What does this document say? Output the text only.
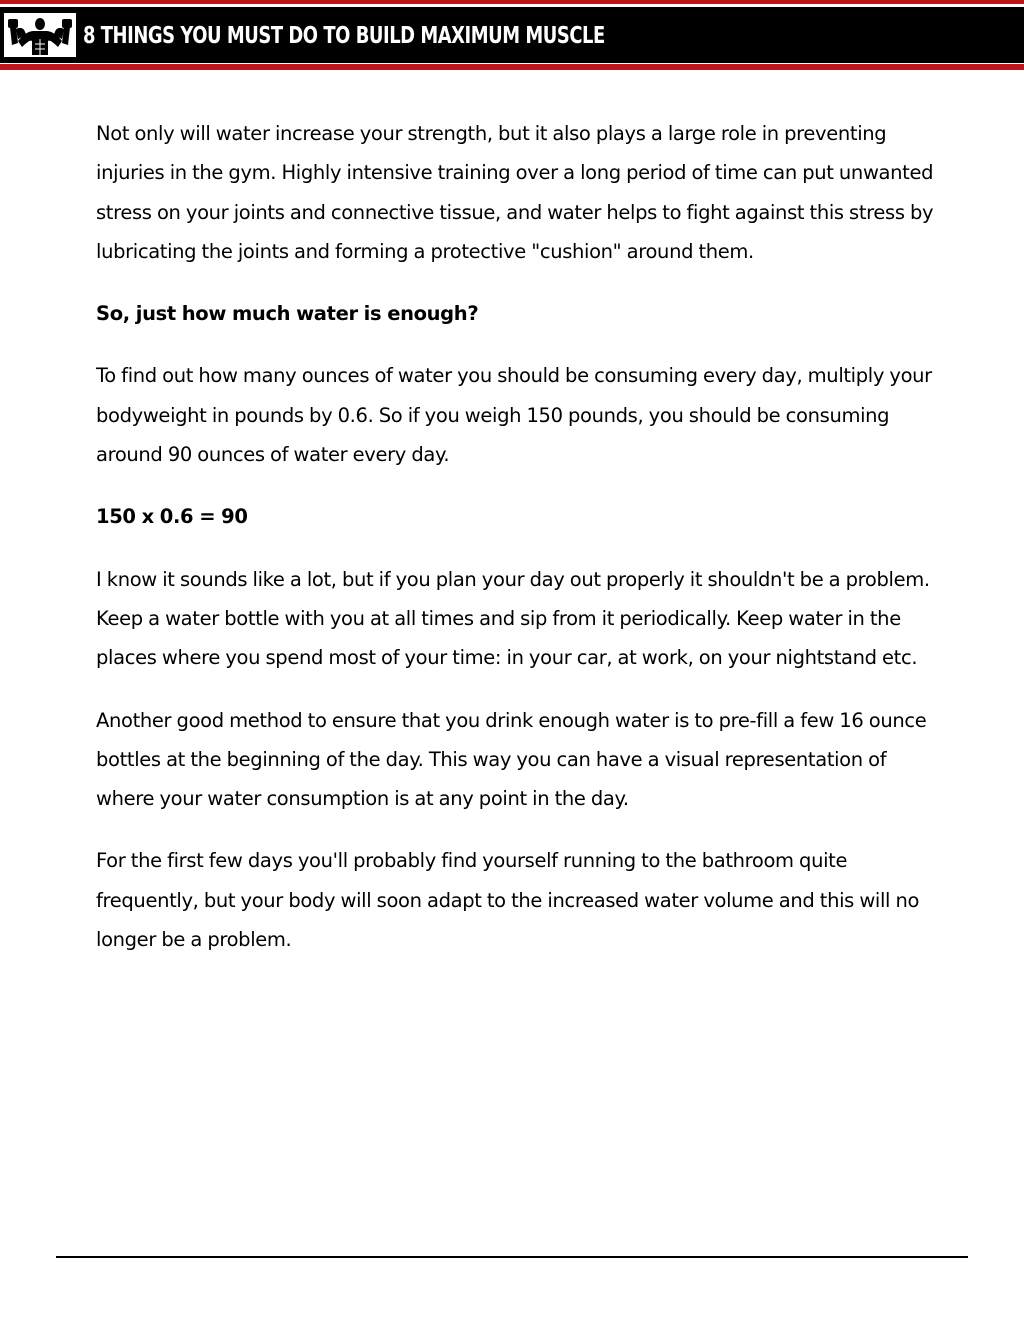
8 THINGS YOU MUST DO TO BUILD MAXIMUM MUSCLE

Not only will water increase your strength, but it also plays a large role in preventing injuries in the gym. Highly intensive training over a long period of time can put unwanted stress on your joints and connective tissue, and water helps to fight against this stress by lubricating the joints and forming a protective "cushion" around them.

So, just how much water is enough?

To find out how many ounces of water you should be consuming every day, multiply your bodyweight in pounds by 0.6. So if you weigh 150 pounds, you should be consuming around 90 ounces of water every day.

150 x 0.6 = 90

I know it sounds like a lot, but if you plan your day out properly it shouldn't be a problem. Keep a water bottle with you at all times and sip from it periodically. Keep water in the places where you spend most of your time: in your car, at work, on your nightstand etc.

Another good method to ensure that you drink enough water is to pre-fill a few 16 ounce bottles at the beginning of the day. This way you can have a visual representation of where your water consumption is at any point in the day.

For the first few days you'll probably find yourself running to the bathroom quite frequently, but your body will soon adapt to the increased water volume and this will no longer be a problem.
